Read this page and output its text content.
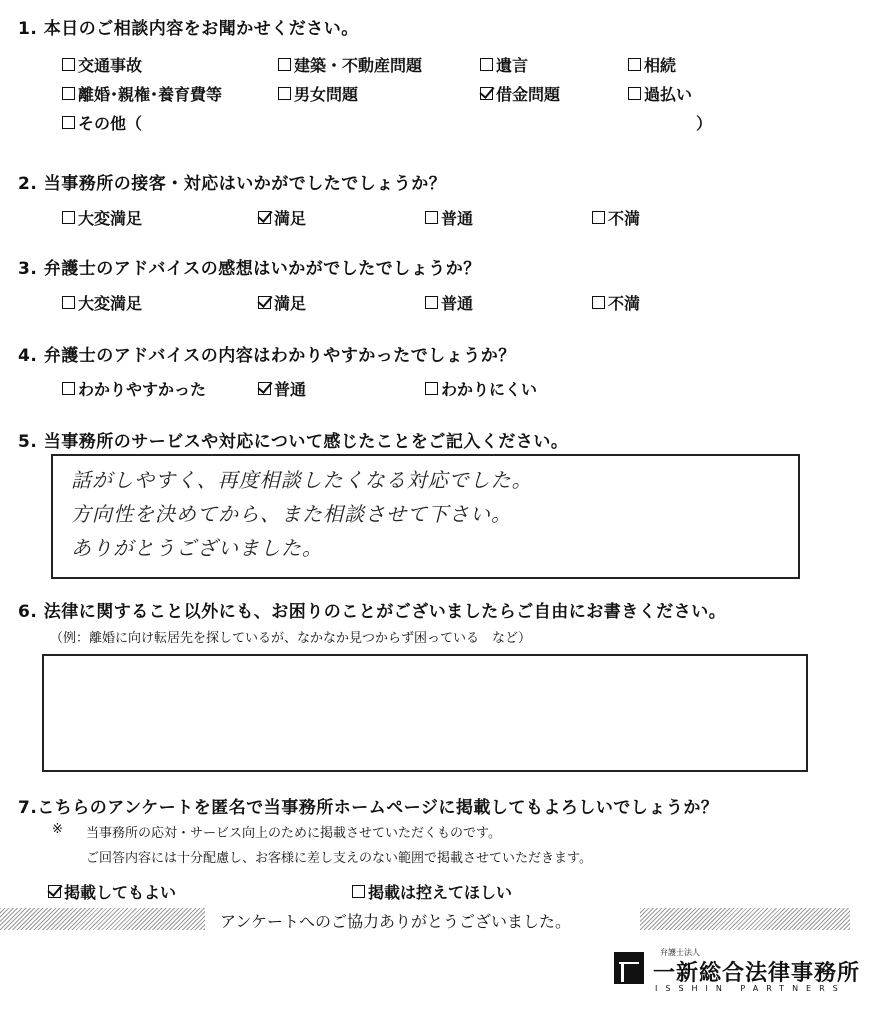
1. 本日のご相談内容をお聞かせください。
交通事故	建築・不動産問題	遺言	相続
離婚･親権･養育費等	男女問題	借金問題	過払い
その他（	）
2. 当事務所の接客・対応はいかがでしたでしょうか？
大変満足	満足	普通	不満
3. 弁護士のアドバイスの感想はいかがでしたでしょうか？
大変満足	満足	普通	不満
4. 弁護士のアドバイスの内容はわかりやすかったでしょうか？
わかりやすかった	普通	わかりにくい
5. 当事務所のサービスや対応について感じたことをご記入ください。
話がしやすく、再度相談したくなる対応でした。
方向性を決めてから、また相談させて下さい。
ありがとうございました。
6. 法律に関すること以外にも、お困りのことがございましたらご自由にお書きください。
（例：離婚に向け転居先を探しているが、なかなか見つからず困っている　など）
7.こちらのアンケートを匿名で当事務所ホームページに掲載してもよろしいでしょうか？
※ 当事務所の応対・サービス向上のために掲載させていただくものです。
ご回答内容には十分配慮し、お客様に差し支えのない範囲で掲載させていただきます。
掲載してもよい	掲載は控えてほしい
アンケートへのご協力ありがとうございました。
弁護士法人
一新総合法律事務所
ISSHIN PARTNERS
